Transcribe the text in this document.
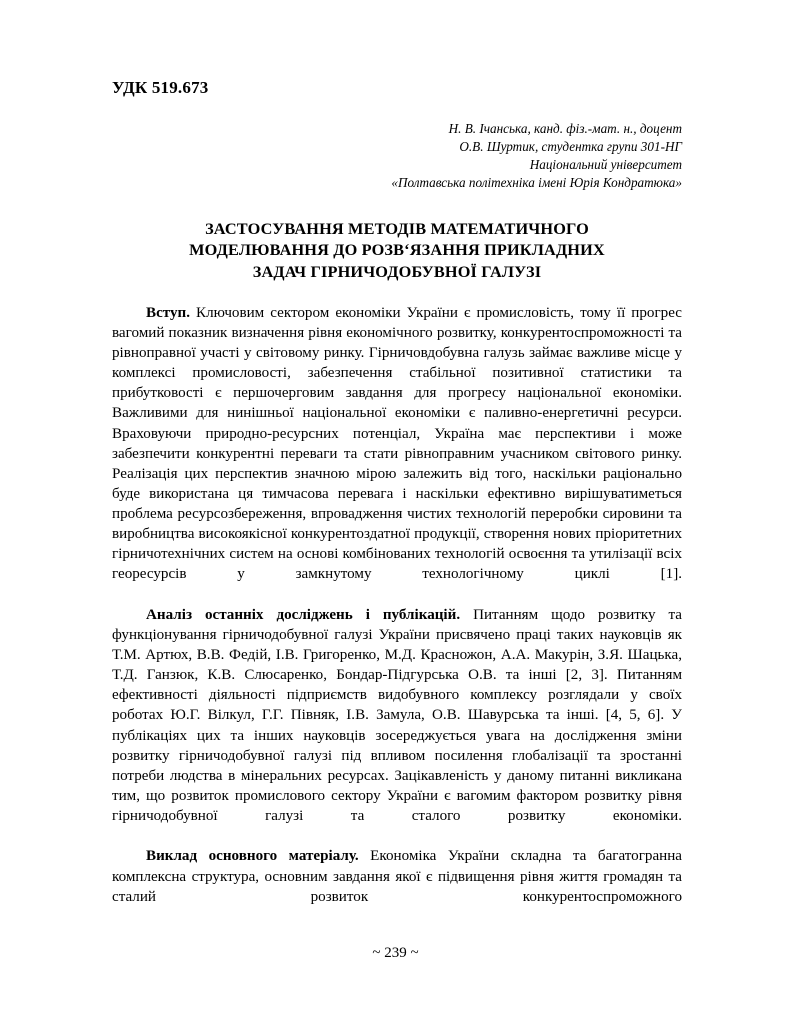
УДК 519.673
Н. В. Ічанська, канд. фіз.-мат. н., доцент
О.В. Шуртик, студентка групи 301-НГ
Національний університет
«Полтавська політехніка імені Юрія Кондратюка»
ЗАСТОСУВАННЯ МЕТОДІВ МАТЕМАТИЧНОГО
МОДЕЛЮВАННЯ ДО РОЗВ‘ЯЗАННЯ ПРИКЛАДНИХ
ЗАДАЧ ГІРНИЧОДОБУВНОЇ ГАЛУЗІ

Вступ. Ключовим сектором економіки України є промисловість, тому її прогрес вагомий показник визначення рівня економічного розвитку, конкурентоспроможності та рівноправної участі у світовому ринку. Гірничовдобувна галузь займає важливе місце у комплексі промисловості, забезпечення стабільної позитивної статистики та прибутковості є першочерговим завдання для прогресу національної економіки. Важливими для нинішньої національної економіки є паливно-енергетичні ресурси. Враховуючи природно-ресурсних потенціал, Україна має перспективи і може забезпечити конкурентні переваги та стати рівноправним учасником світового ринку. Реалізація цих перспектив значною мірою залежить від того, наскільки раціонально буде використана ця тимчасова перевага і наскільки ефективно вирішуватиметься проблема ресурсозбереження, впровадження чистих технологій переробки сировини та виробництва високоякісної конкурентоздатної продукції, створення нових пріоритетних гірничотехнічних систем на основі комбінованих технологій освоєння та утилізації всіх георесурсів у замкнутому технологічному циклі [1].

Аналіз останніх досліджень і публікацій. Питанням щодо розвитку та функціонування гірничодобувної галузі України присвячено праці таких науковців як Т.М. Артюх, В.В. Федій, І.В. Григоренко, М.Д. Красножон, А.А. Макурін, З.Я. Шацька, Т.Д. Ганзюк, К.В. Слюсаренко, Бондар-Підгурська О.В. та інші [2, 3]. Питанням ефективності діяльності підприємств видобувного комплексу розглядали у своїх роботах Ю.Г. Вілкул, Г.Г. Півняк, І.В. Замула, О.В. Шавурська та інші. [4, 5, 6]. У публікаціях цих та інших науковців зосереджується увага на дослідження зміни розвитку гірничодобувної галузі під впливом посилення глобалізації та зростанні потреби людства в мінеральних ресурсах. Зацікавленість у даному питанні викликана тим, що розвиток промислового сектору України є вагомим фактором розвитку рівня гірничодобувної галузі та сталого розвитку економіки.

Виклад основного матеріалу. Економіка України складна та багатогранна комплексна структура, основним завдання якої є підвищення рівня життя громадян та сталий розвиток конкурентоспроможного

~ 239 ~
